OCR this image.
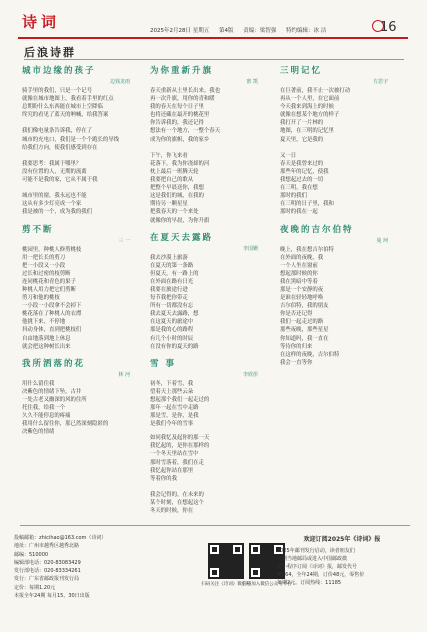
诗词	2025年2月28日 星期五 第4版 责编：梁智强 特约编辑：冰 洁	16
后浪诗群
城市边缘的孩子
边钱龙雨
骑手里的我们，只是一个记号
就像在城市地图上，我看着手里的红点
总期盼什么东西能在城市上空降临
终究的看见了蓝天的呐喊，给我答案
我们像电量条告诉我，停在了
城市的充电口，我们是一个个跑长的导线
给我们方向，使我们感受到存在
我要思考：我属于哪里？
没有位置的人，无期的流离
可能不是我的家，它从不属于我
城市里的窗，我永远也不能
这从有多少灯亮成一个家
我是被的一个，成为我的我们
剪不断
三 一
桃园里，种桃人修剪桃枝
用一把长长的剪刀
把一小段又一小段
过长和过密的枝剪断
连同桃花和青色的果子
种桃人用力把它们剪断
剪刀和他的桃枝
一小段一小段拿不会掉下
桃花落在了种桃人的衣襟
他挑下来，不停地
抖动身体，直到把桃枝们
自由地落到地上休息
就会把这种树长出来
我所洒落的花
林 河
用什么留住我
决紫色的情绪下坠，古井
一处古老又幽深的风的住所
托住我，给我一个
久久不能停息的疼痛
我用什么留住你，那已然深刻隐匿的
决紫色的情绪
为你重新升旗
甯 凯
春天重新从土里长出来。我也
再一次升旗，用你的青和暖
我的春天在每个日子里
也将还藏在最开的桃花里
你告诉我的，我还记得
想法有一个地方，一整个春天
成为你的旗帜，我的家乡
下午，你飞来看
花落下，我为你浇却的河
枕上最后一班腾天轮
我要把自己的歌从
把整个早晨送你，我想
这是我们的城，在我的
期待另一颗星星
把我春天的一个来处
就像你的早晨，为你升旗
在夏天去露路
李国姗
我去沙漠上旅游
在夏天的第一条路
但夏天，有一路上的
在外面在路有日光
我要在旅途行进
每节我把你带走
所有一切都没有忘
我去夏天去露路，想
在这夏天的旅途中
那是我的心的路程
有几个小时的时辰
在没有你的夏天的路
雪 事
李欣彤
初冬，下着雪，我
望着天上那些云朵
想起那个我们一起走过的
那年一起在雪中走路
那是雪，是你，是我
是我们今年的雪事
如同我忆及起你的那一天
我忆起的，是你在那样的
一个冬天里站在雪中
那时雪落着，我们在走
我忆起你站在那里
等着你的我
我会记得的，在未来的
某个时刻，在想起这个
冬天的时候，你在
三明记忆
方思宇
在巨著前，我不止一次被打动
再从一个人里，在它面前
今天我来到海上的时候
就像在想某个地方的样子
我打开了一片林的
地图，在三明的记忆里
夏天里，它是我的
又一日
春天是我曾来过的
那些年的记忆，使我
我想起过去的一切
在三明，我在想
那时的我们
在三明的日子里，我和
那时的我在一起
夜晚的吉尔伯特
曼 珂
晚上，我在想吉尔伯特
在外面的夜晚，我
一个人坐在窗前
想起那时候的你
我在黑暗中等着
那是一个安静的夜
是谁在轻轻地呼唤
吉尔伯特，我的朋友
你是否还记得
我们一起走过的路
那些夜晚，那些星星
你知道吗，我一直在
等待你的归来
在这样的夜晚，吉尔伯特
我会一直等你
投稿邮箱：zhicihao@163.com（诗词）
地址：广州市越秀区越秀北路
邮编：510000
编辑部电话：020-83083429
发行部电话：020-83334261
发行：广东省邮政报刊发行局
定价：每期1.20元
本报全年24期 每月15、30日出版
扫码关注《诗词》微信号
扫码加入微信公众号平台
欢迎订阅2025年《诗词》报
2025年邮刊发行启动，读者朋友们
可到当地邮局或进入中国邮政微
信小程序订阅《诗词》报，邮发代号
45-64，全年24期，订价48元，零售价
每期2元。订阅热线：11185
